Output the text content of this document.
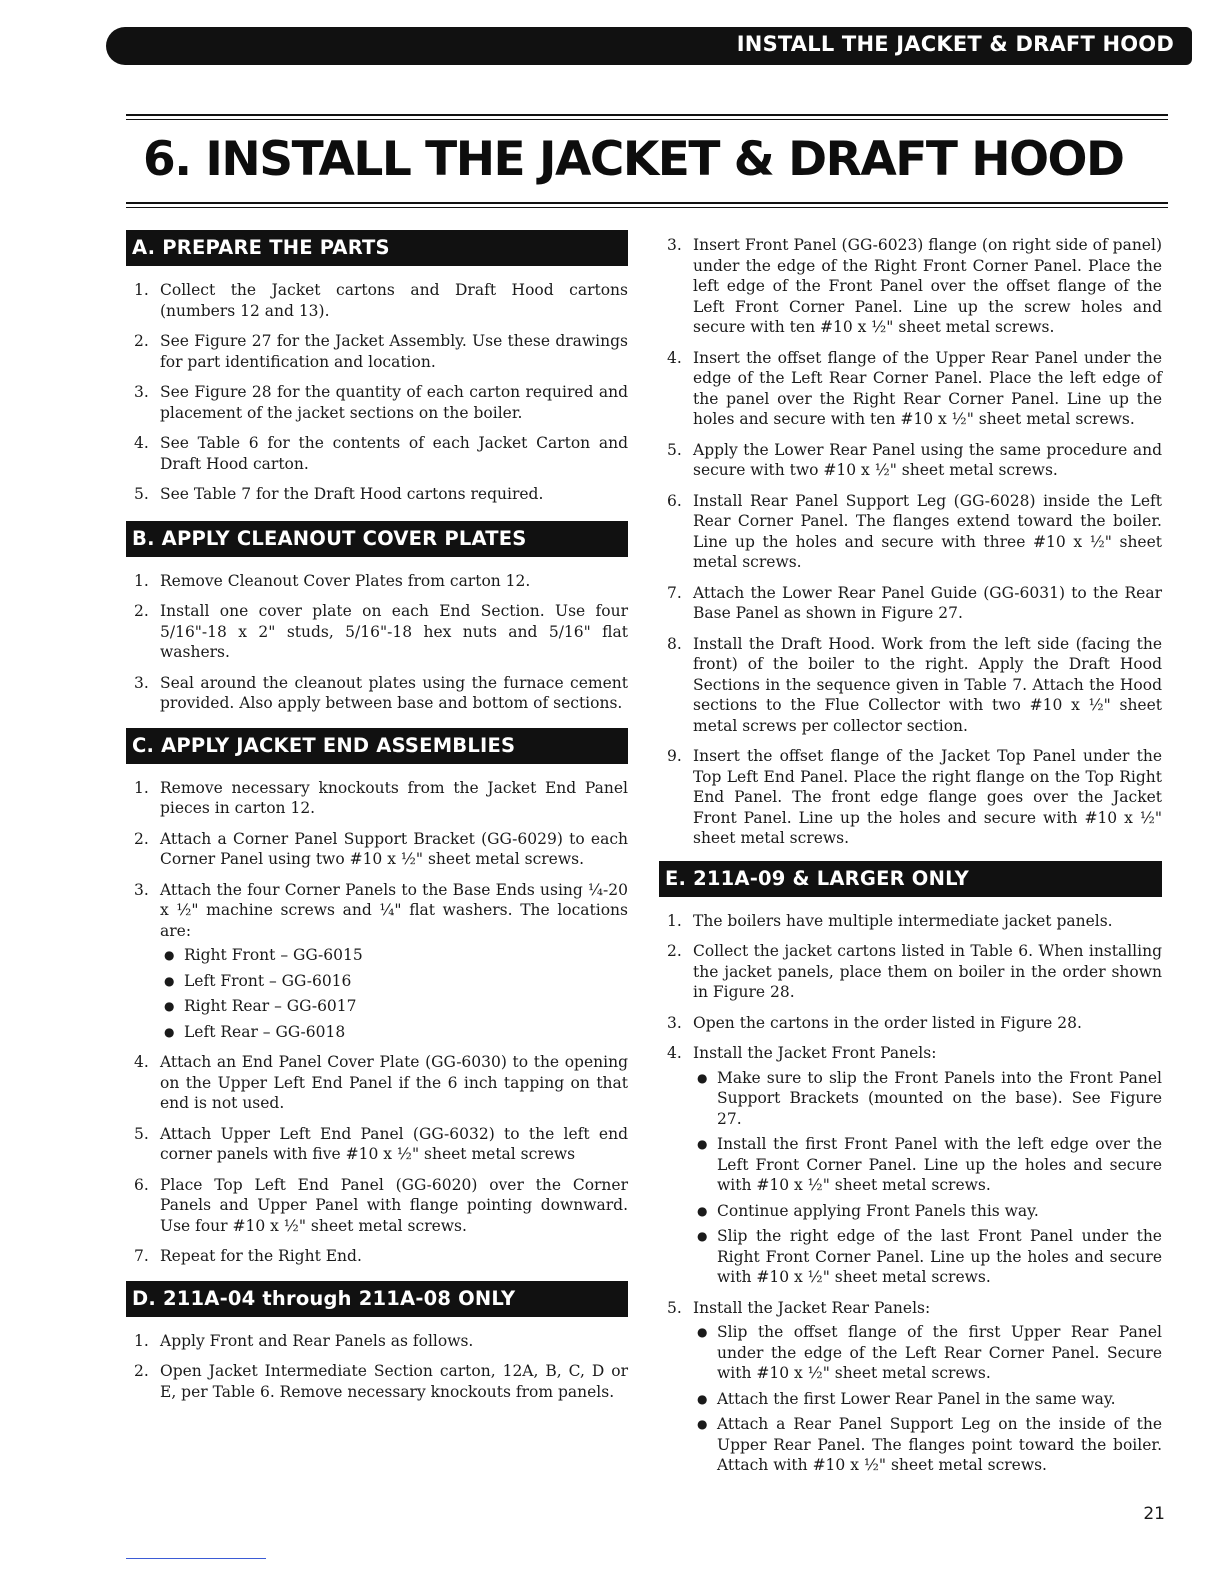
INSTALL THE JACKET & DRAFT HOOD
6. INSTALL THE JACKET & DRAFT HOOD
A. PREPARE THE PARTS
1. Collect the Jacket cartons and Draft Hood cartons (numbers 12 and 13).
2. See Figure 27 for the Jacket Assembly. Use these drawings for part identification and location.
3. See Figure 28 for the quantity of each carton required and placement of the jacket sections on the boiler.
4. See Table 6 for the contents of each Jacket Carton and Draft Hood carton.
5. See Table 7 for the Draft Hood cartons required.
B. APPLY CLEANOUT COVER PLATES
1. Remove Cleanout Cover Plates from carton 12.
2. Install one cover plate on each End Section. Use four 5/16"-18 x 2" studs, 5/16"-18 hex nuts and 5/16" flat washers.
3. Seal around the cleanout plates using the furnace cement provided. Also apply between base and bottom of sections.
C. APPLY JACKET END ASSEMBLIES
1. Remove necessary knockouts from the Jacket End Panel pieces in carton 12.
2. Attach a Corner Panel Support Bracket (GG-6029) to each Corner Panel using two #10 x ½" sheet metal screws.
3. Attach the four Corner Panels to the Base Ends using ¼-20 x ½" machine screws and ¼" flat washers. The locations are:
● Right Front – GG-6015
● Left Front – GG-6016
● Right Rear – GG-6017
● Left Rear – GG-6018
4. Attach an End Panel Cover Plate (GG-6030) to the opening on the Upper Left End Panel if the 6 inch tapping on that end is not used.
5. Attach Upper Left End Panel (GG-6032) to the left end corner panels with five #10 x ½" sheet metal screws
6. Place Top Left End Panel (GG-6020) over the Corner Panels and Upper Panel with flange pointing downward. Use four #10 x ½" sheet metal screws.
7. Repeat for the Right End.
D. 211A-04 through 211A-08 ONLY
1. Apply Front and Rear Panels as follows.
2. Open Jacket Intermediate Section carton, 12A, B, C, D or E, per Table 6. Remove necessary knockouts from panels.
3. Insert Front Panel (GG-6023) flange (on right side of panel) under the edge of the Right Front Corner Panel. Place the left edge of the Front Panel over the offset flange of the Left Front Corner Panel. Line up the screw holes and secure with ten #10 x ½" sheet metal screws.
4. Insert the offset flange of the Upper Rear Panel under the edge of the Left Rear Corner Panel. Place the left edge of the panel over the Right Rear Corner Panel. Line up the holes and secure with ten #10 x ½" sheet metal screws.
5. Apply the Lower Rear Panel using the same procedure and secure with two #10 x ½" sheet metal screws.
6. Install Rear Panel Support Leg (GG-6028) inside the Left Rear Corner Panel. The flanges extend toward the boiler. Line up the holes and secure with three #10 x ½" sheet metal screws.
7. Attach the Lower Rear Panel Guide (GG-6031) to the Rear Base Panel as shown in Figure 27.
8. Install the Draft Hood. Work from the left side (facing the front) of the boiler to the right. Apply the Draft Hood Sections in the sequence given in Table 7. Attach the Hood sections to the Flue Collector with two #10 x ½" sheet metal screws per collector section.
9. Insert the offset flange of the Jacket Top Panel under the Top Left End Panel. Place the right flange on the Top Right End Panel. The front edge flange goes over the Jacket Front Panel. Line up the holes and secure with #10 x ½" sheet metal screws.
E. 211A-09 & LARGER ONLY
1. The boilers have multiple intermediate jacket panels.
2. Collect the jacket cartons listed in Table 6. When installing the jacket panels, place them on boiler in the order shown in Figure 28.
3. Open the cartons in the order listed in Figure 28.
4. Install the Jacket Front Panels:
● Make sure to slip the Front Panels into the Front Panel Support Brackets (mounted on the base). See Figure 27.
● Install the first Front Panel with the left edge over the Left Front Corner Panel. Line up the holes and secure with #10 x ½" sheet metal screws.
● Continue applying Front Panels this way.
● Slip the right edge of the last Front Panel under the Right Front Corner Panel. Line up the holes and secure with #10 x ½" sheet metal screws.
5. Install the Jacket Rear Panels:
● Slip the offset flange of the first Upper Rear Panel under the edge of the Left Rear Corner Panel. Secure with #10 x ½" sheet metal screws.
● Attach the first Lower Rear Panel in the same way.
● Attach a Rear Panel Support Leg on the inside of the Upper Rear Panel. The flanges point toward the boiler. Attach with #10 x ½" sheet metal screws.
21
